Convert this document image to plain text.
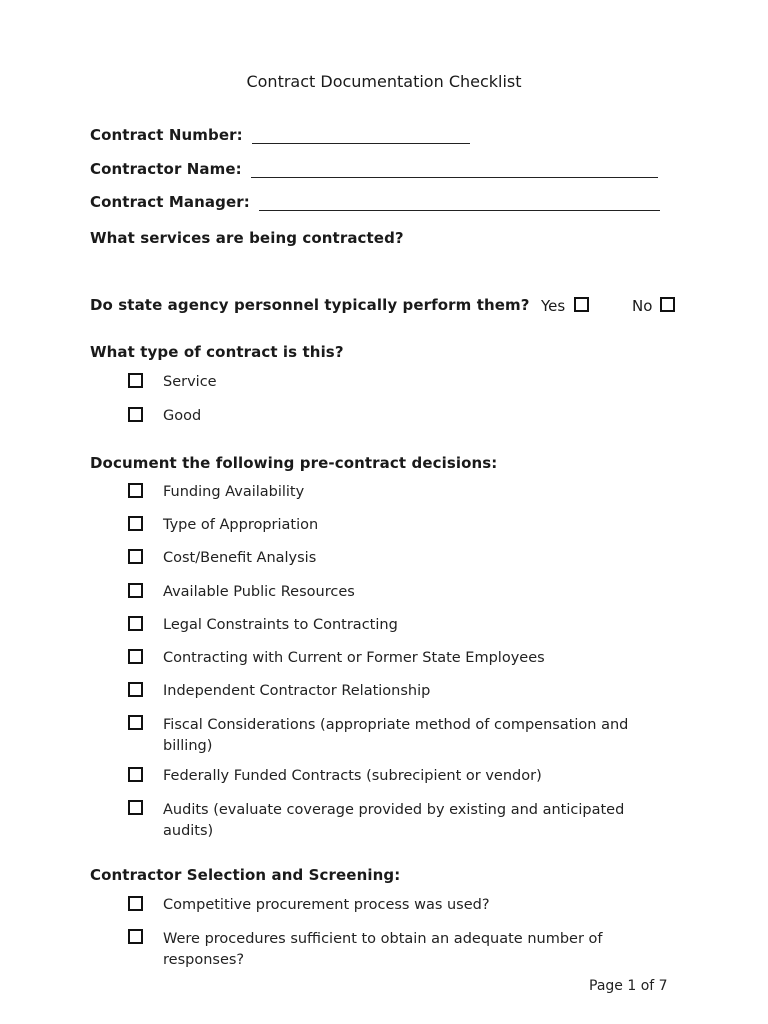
Contract Documentation Checklist
Contract Number:
Contractor Name:
Contract Manager:
What services are being contracted?
Do state agency personnel typically perform them? Yes	No
What type of contract is this?
Service
Good
Document the following pre-contract decisions:
Funding Availability
Type of Appropriation
Cost/Benefit Analysis
Available Public Resources
Legal Constraints to Contracting
Contracting with Current or Former State Employees
Independent Contractor Relationship
Fiscal Considerations (appropriate method of compensation and billing)
Federally Funded Contracts (subrecipient or vendor)
Audits (evaluate coverage provided by existing and anticipated audits)
Contractor Selection and Screening:
Competitive procurement process was used?
Were procedures sufficient to obtain an adequate number of responses?
Page 1 of 7
